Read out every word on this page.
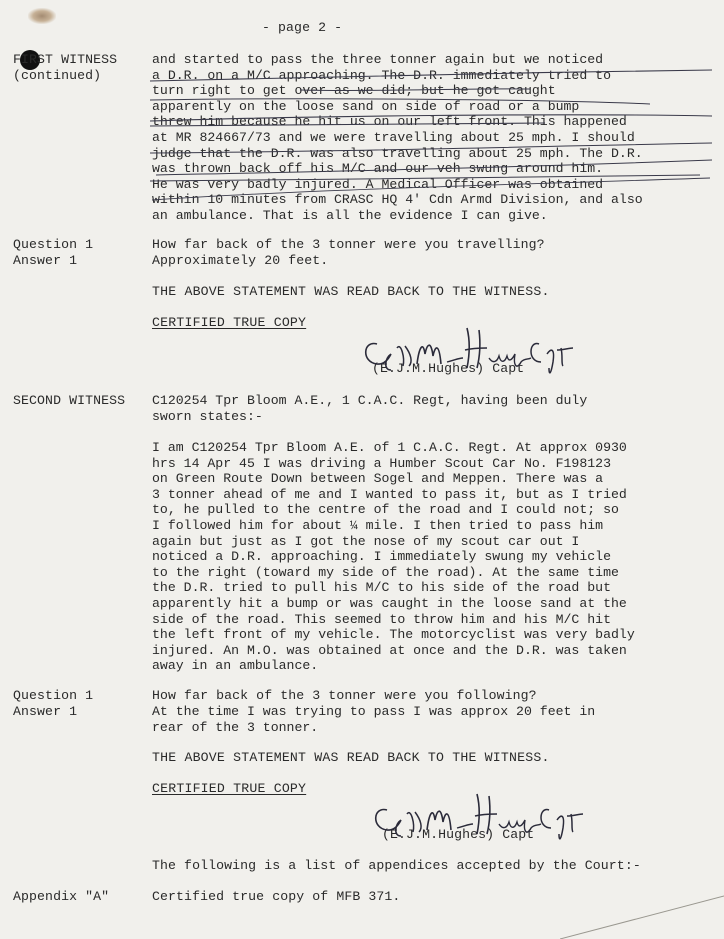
- page 2 -
FIRST WITNESS
(continued)
and started to pass the three tonner again but we noticed
a D.R. on a M/C approaching. The D.R. immediately tried to
turn right to get over as we did; but he got caught
apparently on the loose sand on side of road or a bump
threw him because he hit us on our left front. This happened
at MR 824667/73 and we were travelling about 25 mph. I should
judge that the D.R. was also travelling about 25 mph. The D.R.
was thrown back off his M/C and our veh swung around him.
He was very badly injured. A Medical Officer was obtained
within 10 minutes from CRASC HQ 4' Cdn Armd Division, and also
an ambulance. That is all the evidence I can give.
Question 1	How far back of the 3 tonner were you travelling?
Answer 1	Approximately 20 feet.
THE ABOVE STATEMENT WAS READ BACK TO THE WITNESS.
CERTIFIED TRUE COPY
(E.J.M.Hughes) Capt
SECOND WITNESS C120254 Tpr Bloom A.E., 1 C.A.C. Regt, having been duly
sworn states:-
I am C120254 Tpr Bloom A.E. of 1 C.A.C. Regt. At approx 0930
hrs 14 Apr 45 I was driving a Humber Scout Car No. F198123
on Green Route Down between Sogel and Meppen. There was a
3 tonner ahead of me and I wanted to pass it, but as I tried
to, he pulled to the centre of the road and I could not; so
I followed him for about ¼ mile. I then tried to pass him
again but just as I got the nose of my scout car out I
noticed a D.R. approaching. I immediately swung my vehicle
to the right (toward my side of the road). At the same time
the D.R. tried to pull his M/C to his side of the road but
apparently hit a bump or was caught in the loose sand at the
side of the road. This seemed to throw him and his M/C hit
the left front of my vehicle. The motorcyclist was very badly
injured. An M.O. was obtained at once and the D.R. was taken
away in an ambulance.
Question 1	How far back of the 3 tonner were you following?
Answer 1	At the time I was trying to pass I was approx 20 feet in
rear of the 3 tonner.
THE ABOVE STATEMENT WAS READ BACK TO THE WITNESS.
CERTIFIED TRUE COPY
(E.J.M.Hughes) Capt
The following is a list of appendices accepted by the Court:-
Appendix "A"	Certified true copy of MFB 371.
